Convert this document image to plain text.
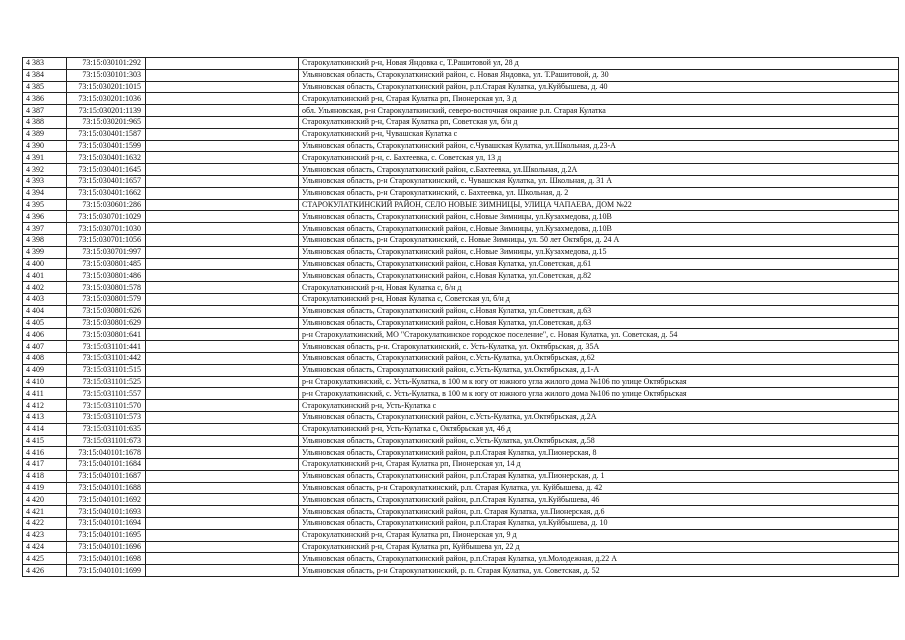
4 383	73:15:030101:292		Старокулаткинский р-н, Новая Яндовка с, Т.Рашитовой ул, 28 д
4 384	73:15:030101:303		Ульяновская область, Старокулаткинский район, с. Новая Яндовка, ул. Т.Рашитовой, д. 30
4 385	73:15:030201:1015		Ульяновская область, Старокулаткинский район, р.п.Старая Кулатка, ул.Куйбышева, д. 40
4 386	73:15:030201:1036		Старокулаткинский р-н, Старая Кулатка рп, Пионерская ул, 3 д
4 387	73:15:030201:1139		обл. Ульяновская, р-н Старокулаткинский, северо-восточная окраине р.п. Старая Кулатка
4 388	73:15:030201:965		Старокулаткинский р-н, Старая Кулатка рп, Советская ул, б/н д
4 389	73:15:030401:1587		Старокулаткинский р-н, Чувашская Кулатка с
4 390	73:15:030401:1599		Ульяновская область, Старокулаткинский район, с.Чувашская Кулатка, ул.Школьная, д.23-А
4 391	73:15:030401:1632		Старокулаткинский р-н, с. Бахтеевка, с. Советская ул, 13 д
4 392	73:15:030401:1645		Ульяновская область, Старокулаткинский район, с.Бахтеевка, ул.Школьная, д.2А
4 393	73:15:030401:1657		Ульяновская область, р-н Старокулаткинский, с. Чувашская Кулатка, ул. Школьная, д. 31 А
4 394	73:15:030401:1662		Ульяновская область, р-н Старокулаткинский, с. Бахтеевка, ул. Школьная, д. 2
4 395	73:15:030601:286		СТАРОКУЛАТКИНСКИЙ РАЙОН, СЕЛО НОВЫЕ ЗИМНИЦЫ, УЛИЦА ЧАПАЕВА, ДОМ №22
4 396	73:15:030701:1029		Ульяновская область, Старокулаткинский район, с.Новые Зимницы, ул.Кузахмедова, д.10В
4 397	73:15:030701:1030		Ульяновская область, Старокулаткинский район, с.Новые Зимницы, ул.Кузахмедова, д.10В
4 398	73:15:030701:1056		Ульяновская область, р-н Старокулаткинский, с. Новые Зимницы, ул. 50 лет Октября, д. 24 А
4 399	73:15:030701:997		Ульяновская область, Старокулаткинский район, с.Новые Зимницы, ул.Кузахмедова, д.15
4 400	73:15:030801:485		Ульяновская область, Старокулаткинский район, с.Новая Кулатка, ул.Советская, д.61
4 401	73:15:030801:486		Ульяновская область, Старокулаткинский район, с.Новая Кулатка, ул.Советская, д.82
4 402	73:15:030801:578		Старокулаткинский р-н, Новая Кулатка с, б/н д
4 403	73:15:030801:579		Старокулаткинский р-н, Новая Кулатка с, Советская ул, б/н д
4 404	73:15:030801:626		Ульяновская область, Старокулаткинский район, с.Новая Кулатка, ул.Советская, д.63
4 405	73:15:030801:629		Ульяновская область, Старокулаткинский район, с.Новая Кулатка, ул.Советская, д.63
4 406	73:15:030801:641		р-н Старокулаткинский, МО "Старокулаткинское городское поселение", с. Новая Кулатка, ул. Советская, д. 54
4 407	73:15:031101:441		Ульяновская область, р-н. Старокулаткинский, с. Усть-Кулатка, ул. Октябрьская, д. 35А
4 408	73:15:031101:442		Ульяновская область, Старокулаткинский район, с.Усть-Кулатка, ул.Октябрьская, д.62
4 409	73:15:031101:515		Ульяновская область, Старокулаткинский район, с.Усть-Кулатка, ул.Октябрьская, д.1-А
4 410	73:15:031101:525		р-н Старокулаткинский, с. Усть-Кулатка, в 100 м к югу от южного угла жилого дома №106 по улице Октябрьская
4 411	73:15:031101:557		р-н Старокулаткинский, с. Усть-Кулатка, в 100 м к югу от южного угла жилого дома №106 по улице Октябрьская
4 412	73:15:031101:570		Старокулаткинский р-н, Усть-Кулатка с
4 413	73:15:031101:573		Ульяновская область, Старокулаткинский район, с.Усть-Кулатка, ул.Октябрьская, д.2А
4 414	73:15:031101:635		Старокулаткинский р-н, Усть-Кулатка с, Октябрьская ул, 46 д
4 415	73:15:031101:673		Ульяновская область, Старокулаткинский район, с.Усть-Кулатка, ул.Октябрьская, д.58
4 416	73:15:040101:1678		Ульяновская область, Старокулаткинский район, р.п.Старая Кулатка, ул.Пионерская, 8
4 417	73:15:040101:1684		Старокулаткинский р-н, Старая Кулатка рп, Пионерская ул, 14 д
4 418	73:15:040101:1687		Ульяновская область, Старокулаткинский район, р.п.Старая Кулатка, ул.Пионерская, д. 1
4 419	73:15:040101:1688		Ульяновская область, р-н Старокулаткинский, р.п. Старая Кулатка, ул. Куйбышева, д. 42
4 420	73:15:040101:1692		Ульяновская область, Старокулаткинский район, р.п.Старая Кулатка, ул.Куйбышева, 46
4 421	73:15:040101:1693		Ульяновская область, Старокулаткинский район, р.п. Старая Кулатка, ул.Пионерская, д.6
4 422	73:15:040101:1694		Ульяновская область, Старокулаткинский район, р.п.Старая Кулатка, ул.Куйбышева, д. 10
4 423	73:15:040101:1695		Старокулаткинский р-н, Старая Кулатка рп, Пионерская ул, 9 д
4 424	73:15:040101:1696		Старокулаткинский р-н, Старая Кулатка рп, Куйбышева ул, 22 д
4 425	73:15:040101:1698		Ульяновская область, Старокулаткинский район, р.п.Старая Кулатка, ул.Молодежная, д.22 А
4 426	73:15:040101:1699		Ульяновская область, р-н Старокулаткинский, р. п. Старая Кулатка, ул. Советская, д. 52
